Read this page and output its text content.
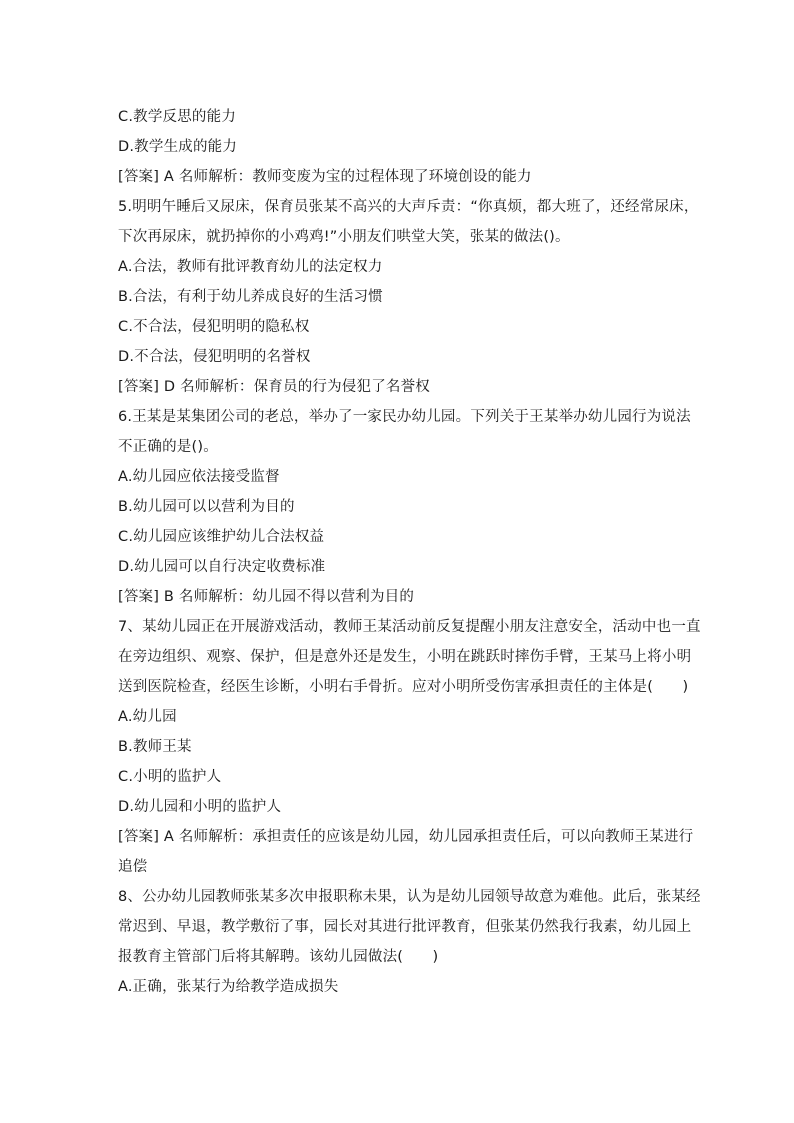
C.教学反思的能力
D.教学生成的能力
[答案] A 名师解析：教师变废为宝的过程体现了环境创设的能力
5.明明午睡后又尿床，保育员张某不高兴的大声斥责：“你真烦，都大班了，还经常尿床，
下次再尿床，就扔掉你的小鸡鸡!”小朋友们哄堂大笑，张某的做法()。
A.合法，教师有批评教育幼儿的法定权力
B.合法，有利于幼儿养成良好的生活习惯
C.不合法，侵犯明明的隐私权
D.不合法，侵犯明明的名誉权
[答案] D 名师解析：保育员的行为侵犯了名誉权
6.王某是某集团公司的老总，举办了一家民办幼儿园。下列关于王某举办幼儿园行为说法
不正确的是()。
A.幼儿园应依法接受监督
B.幼儿园可以以营利为目的
C.幼儿园应该维护幼儿合法权益
D.幼儿园可以自行决定收费标准
[答案] B 名师解析：幼儿园不得以营利为目的
7、某幼儿园正在开展游戏活动，教师王某活动前反复提醒小朋友注意安全，活动中也一直
在旁边组织、观察、保护，但是意外还是发生，小明在跳跃时摔伤手臂，王某马上将小明
送到医院检查，经医生诊断，小明右手骨折。应对小明所受伤害承担责任的主体是(　　)
A.幼儿园
B.教师王某
C.小明的监护人
D.幼儿园和小明的监护人
[答案] A 名师解析：承担责任的应该是幼儿园，幼儿园承担责任后，可以向教师王某进行
追偿
8、公办幼儿园教师张某多次申报职称未果，认为是幼儿园领导故意为难他。此后，张某经
常迟到、早退，教学敷衍了事，园长对其进行批评教育，但张某仍然我行我素，幼儿园上
报教育主管部门后将其解聘。该幼儿园做法(　　)
A.正确，张某行为给教学造成损失
